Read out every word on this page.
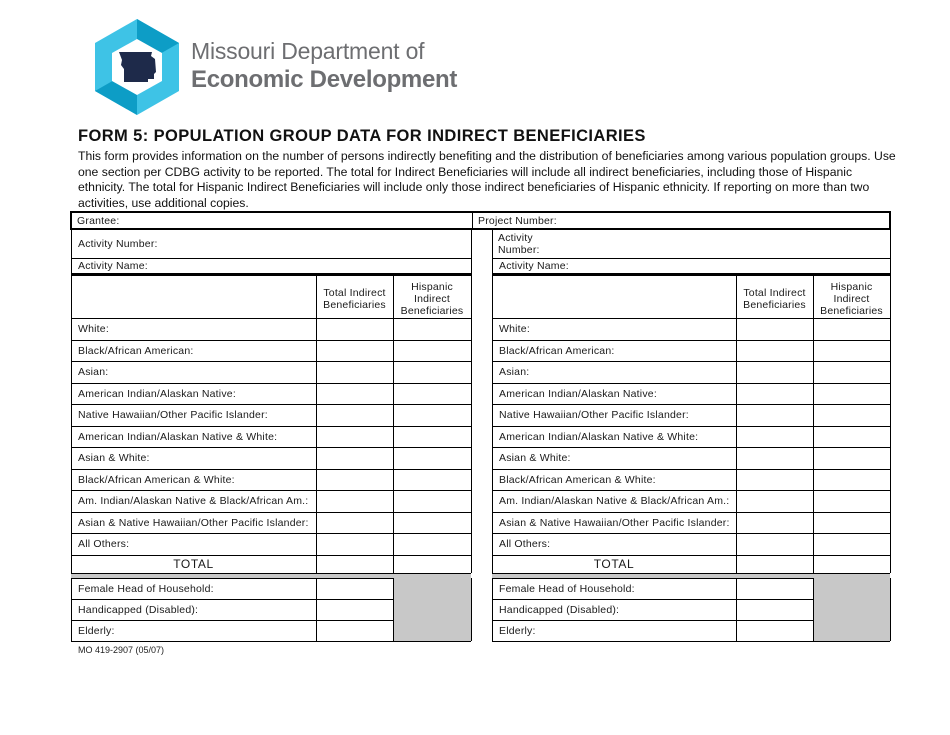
Missouri Department of
Economic Development
FORM 5: POPULATION GROUP DATA FOR INDIRECT BENEFICIARIES
This form provides information on the number of persons indirectly benefiting and the distribution of beneficiaries among various population groups. Use one section per CDBG activity to be reported. The total for Indirect Beneficiaries will include all indirect beneficiaries, including those of Hispanic ethnicity. The total for Hispanic Indirect Beneficiaries will include only those indirect beneficiaries of Hispanic ethnicity. If reporting on more than two activities, use additional copies.
Grantee:	Project Number:
Activity Number:
Activity Name:
Total Indirect Beneficiaries
Hispanic Indirect Beneficiaries
White:
Black/African American:
Asian:
American Indian/Alaskan Native:
Native Hawaiian/Other Pacific Islander:
American Indian/Alaskan Native & White:
Asian & White:
Black/African American & White:
Am. Indian/Alaskan Native & Black/African Am.:
Asian & Native Hawaiian/Other Pacific Islander:
All Others:
TOTAL
Female Head of Household:
Handicapped (Disabled):
Elderly:
Activity Number:
Activity Name:
Total Indirect Beneficiaries
Hispanic Indirect Beneficiaries
White:
Black/African American:
Asian:
American Indian/Alaskan Native:
Native Hawaiian/Other Pacific Islander:
American Indian/Alaskan Native & White:
Asian & White:
Black/African American & White:
Am. Indian/Alaskan Native & Black/African Am.:
Asian & Native Hawaiian/Other Pacific Islander:
All Others:
TOTAL
Female Head of Household:
Handicapped (Disabled):
Elderly:
MO 419-2907 (05/07)
